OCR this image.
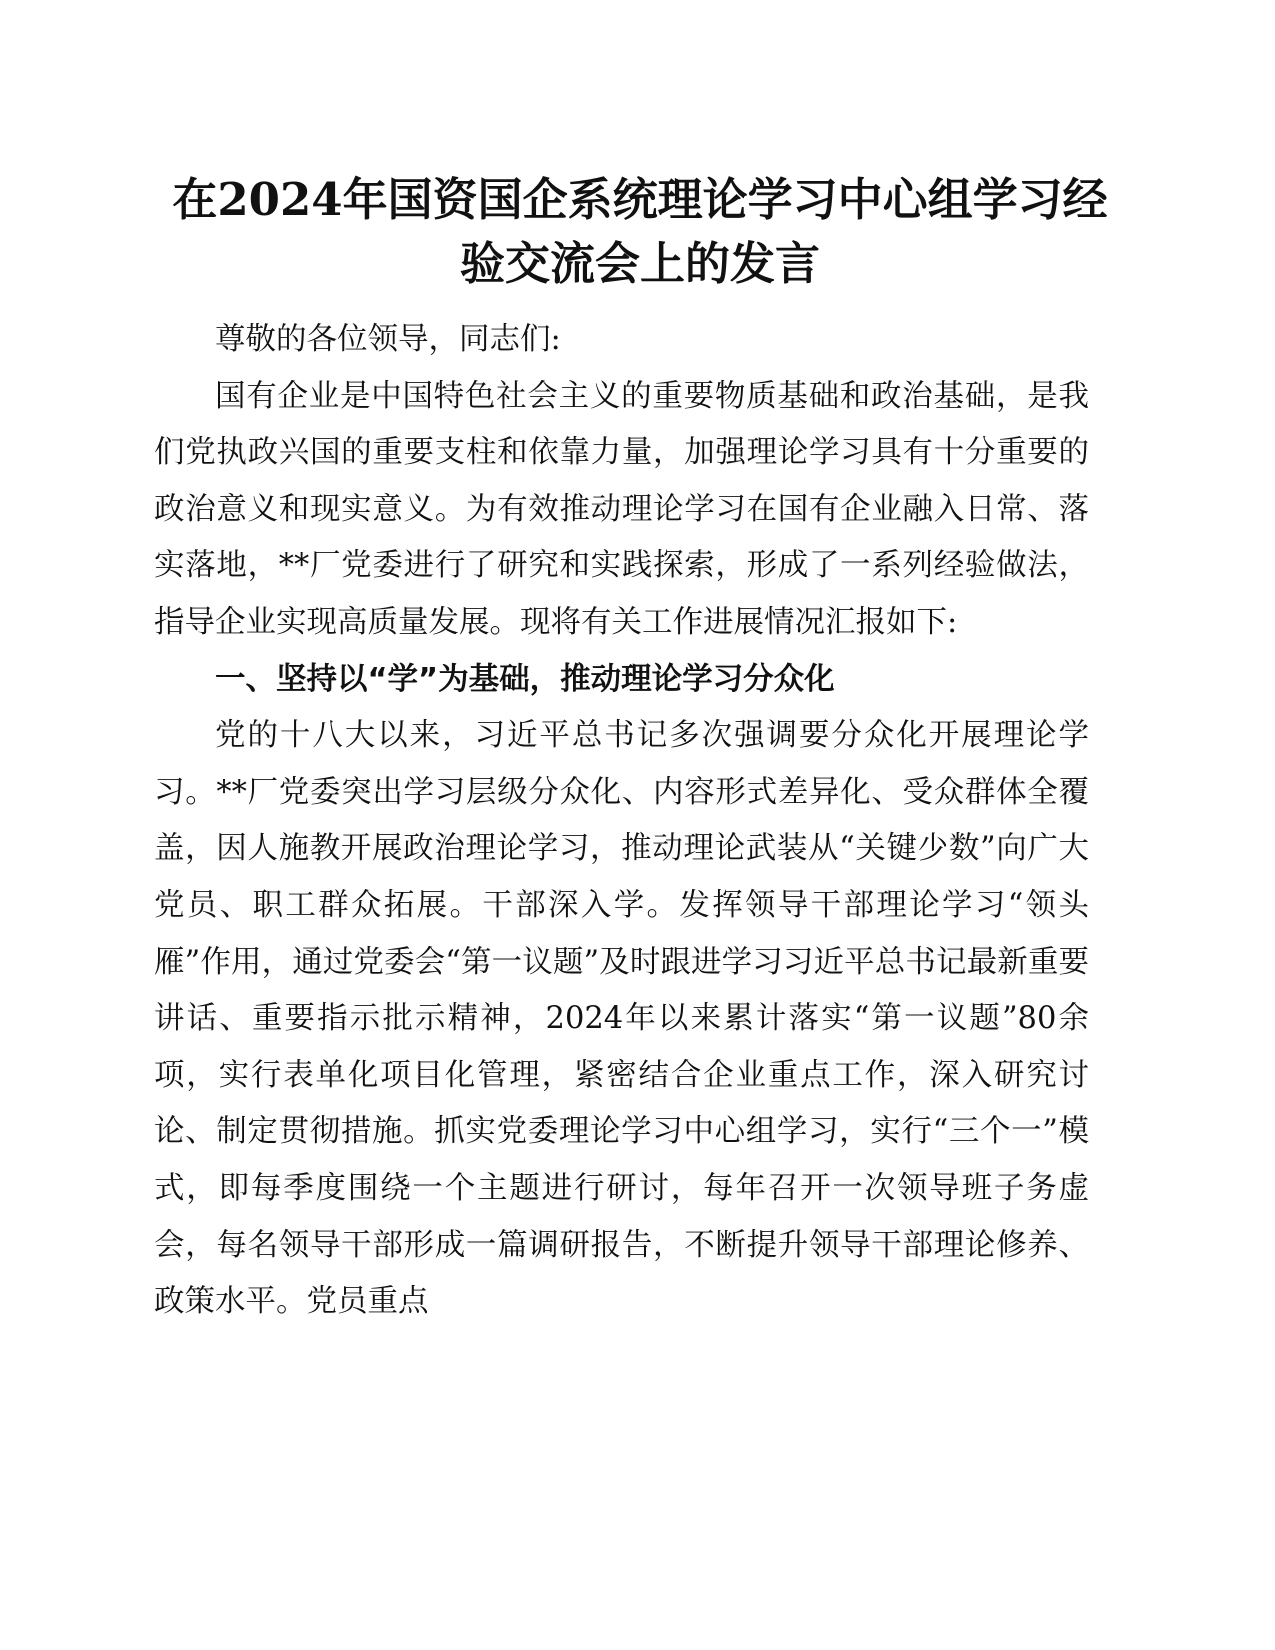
在2024年国资国企系统理论学习中心组学习经验交流会上的发言

尊敬的各位领导，同志们:

国有企业是中国特色社会主义的重要物质基础和政治基础，是我们党执政兴国的重要支柱和依靠力量，加强理论学习具有十分重要的政治意义和现实意义。为有效推动理论学习在国有企业融入日常、落实落地，**厂党委进行了研究和实践探索，形成了一系列经验做法，指导企业实现高质量发展。现将有关工作进展情况汇报如下:

一、坚持以“学”为基础，推动理论学习分众化

党的十八大以来，习近平总书记多次强调要分众化开展理论学习。**厂党委突出学习层级分众化、内容形式差异化、受众群体全覆盖，因人施教开展政治理论学习，推动理论武装从“关键少数”向广大党员、职工群众拓展。干部深入学。发挥领导干部理论学习“领头雁”作用，通过党委会“第一议题”及时跟进学习习近平总书记最新重要讲话、重要指示批示精神，2024年以来累计落实“第一议题”80余项，实行表单化项目化管理，紧密结合企业重点工作，深入研究讨论、制定贯彻措施。抓实党委理论学习中心组学习，实行“三个一”模式，即每季度围绕一个主题进行研讨，每年召开一次领导班子务虚会，每名领导干部形成一篇调研报告，不断提升领导干部理论修养、政策水平。党员重点
